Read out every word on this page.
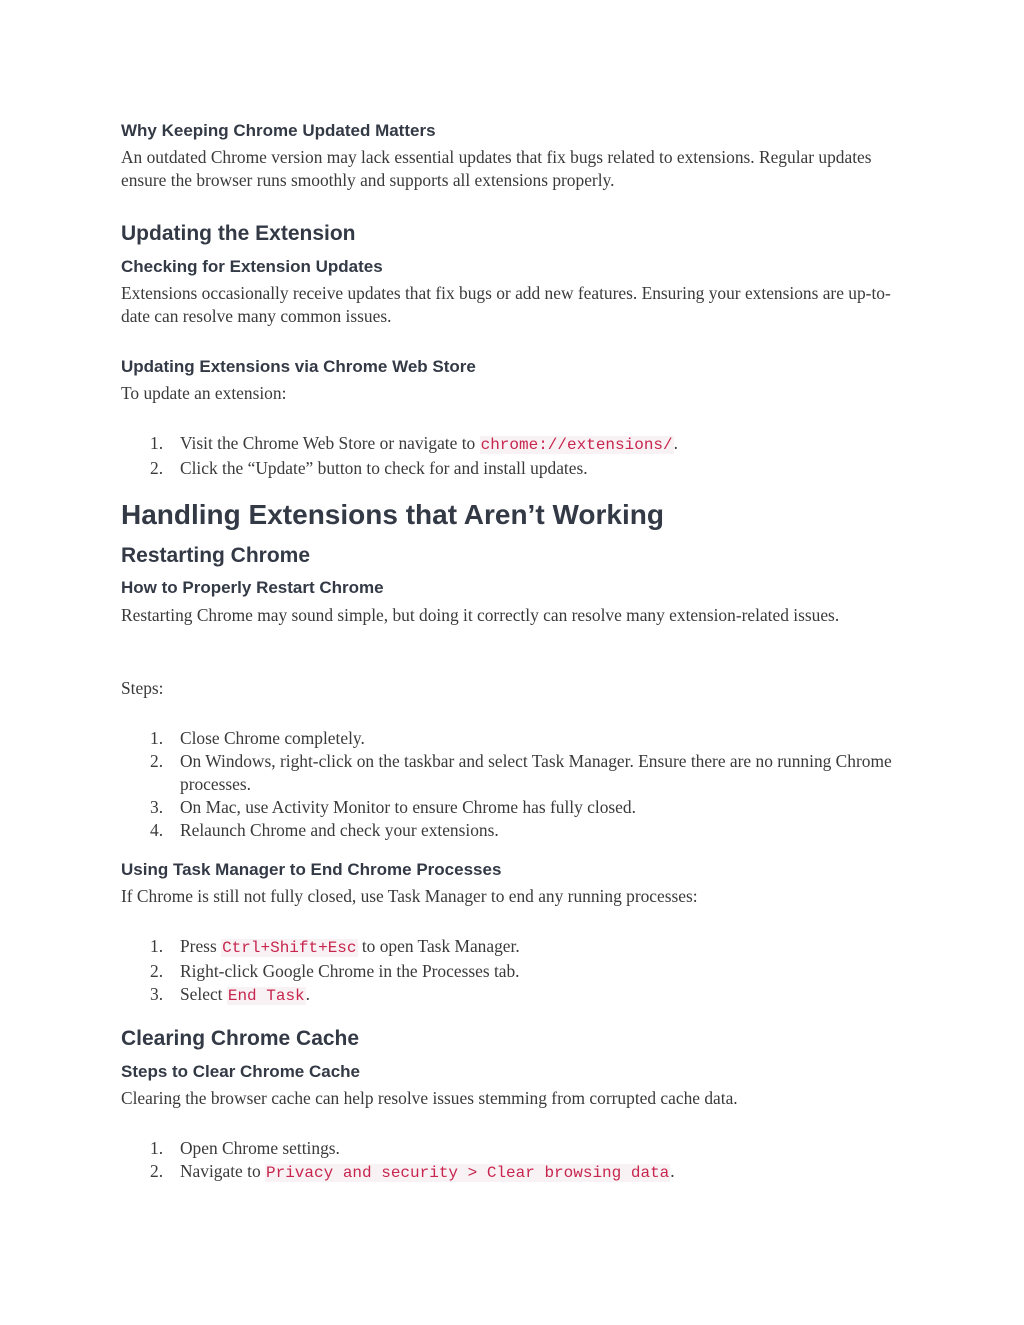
Why Keeping Chrome Updated Matters

An outdated Chrome version may lack essential updates that fix bugs related to extensions. Regular updates ensure the browser runs smoothly and supports all extensions properly.

Updating the Extension
Checking for Extension Updates

Extensions occasionally receive updates that fix bugs or add new features. Ensuring your extensions are up-to-date can resolve many common issues.

Updating Extensions via Chrome Web Store

To update an extension:

1. Visit the Chrome Web Store or navigate to chrome://extensions/.
2. Click the “Update” button to check for and install updates.
Handling Extensions that Aren’t Working
Restarting Chrome
How to Properly Restart Chrome

Restarting Chrome may sound simple, but doing it correctly can resolve many extension-related issues.

Steps:

1. Close Chrome completely.
2. On Windows, right-click on the taskbar and select Task Manager. Ensure there are no running Chrome processes.
3. On Mac, use Activity Monitor to ensure Chrome has fully closed.
4. Relaunch Chrome and check your extensions.
Using Task Manager to End Chrome Processes

If Chrome is still not fully closed, use Task Manager to end any running processes:

1. Press Ctrl+Shift+Esc to open Task Manager.
2. Right-click Google Chrome in the Processes tab.
3. Select End Task.
Clearing Chrome Cache
Steps to Clear Chrome Cache

Clearing the browser cache can help resolve issues stemming from corrupted cache data.

1. Open Chrome settings.
2. Navigate to Privacy and security > Clear browsing data.
